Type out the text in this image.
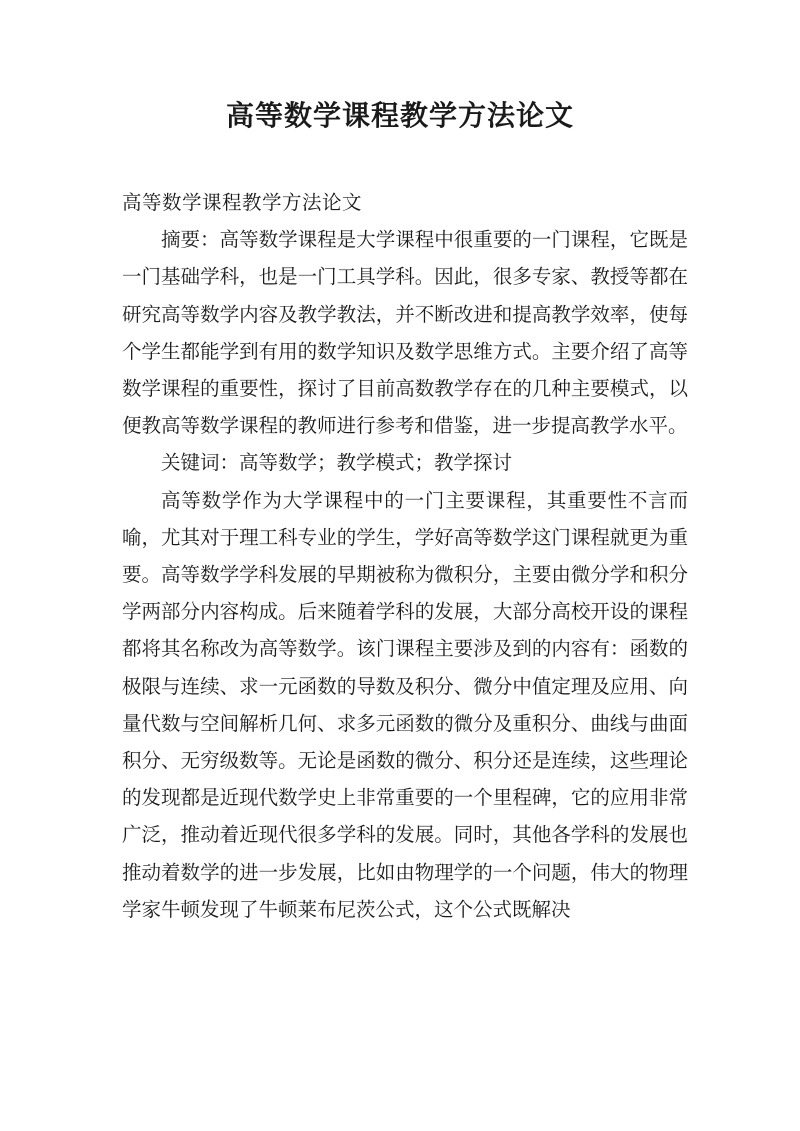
高等数学课程教学方法论文

高等数学课程教学方法论文

摘要：高等数学课程是大学课程中很重要的一门课程，它既是一门基础学科，也是一门工具学科。因此，很多专家、教授等都在研究高等数学内容及教学教法，并不断改进和提高教学效率，使每个学生都能学到有用的数学知识及数学思维方式。主要介绍了高等数学课程的重要性，探讨了目前高数教学存在的几种主要模式，以便教高等数学课程的教师进行参考和借鉴，进一步提高教学水平。

关键词：高等数学；教学模式；教学探讨

高等数学作为大学课程中的一门主要课程，其重要性不言而喻，尤其对于理工科专业的学生，学好高等数学这门课程就更为重要。高等数学学科发展的早期被称为微积分，主要由微分学和积分学两部分内容构成。后来随着学科的发展，大部分高校开设的课程都将其名称改为高等数学。该门课程主要涉及到的内容有：函数的极限与连续、求一元函数的导数及积分、微分中值定理及应用、向量代数与空间解析几何、求多元函数的微分及重积分、曲线与曲面积分、无穷级数等。无论是函数的微分、积分还是连续，这些理论的发现都是近现代数学史上非常重要的一个里程碑，它的应用非常广泛，推动着近现代很多学科的发展。同时，其他各学科的发展也推动着数学的进一步发展，比如由物理学的一个问题，伟大的物理学家牛顿发现了牛顿莱布尼茨公式，这个公式既解决
